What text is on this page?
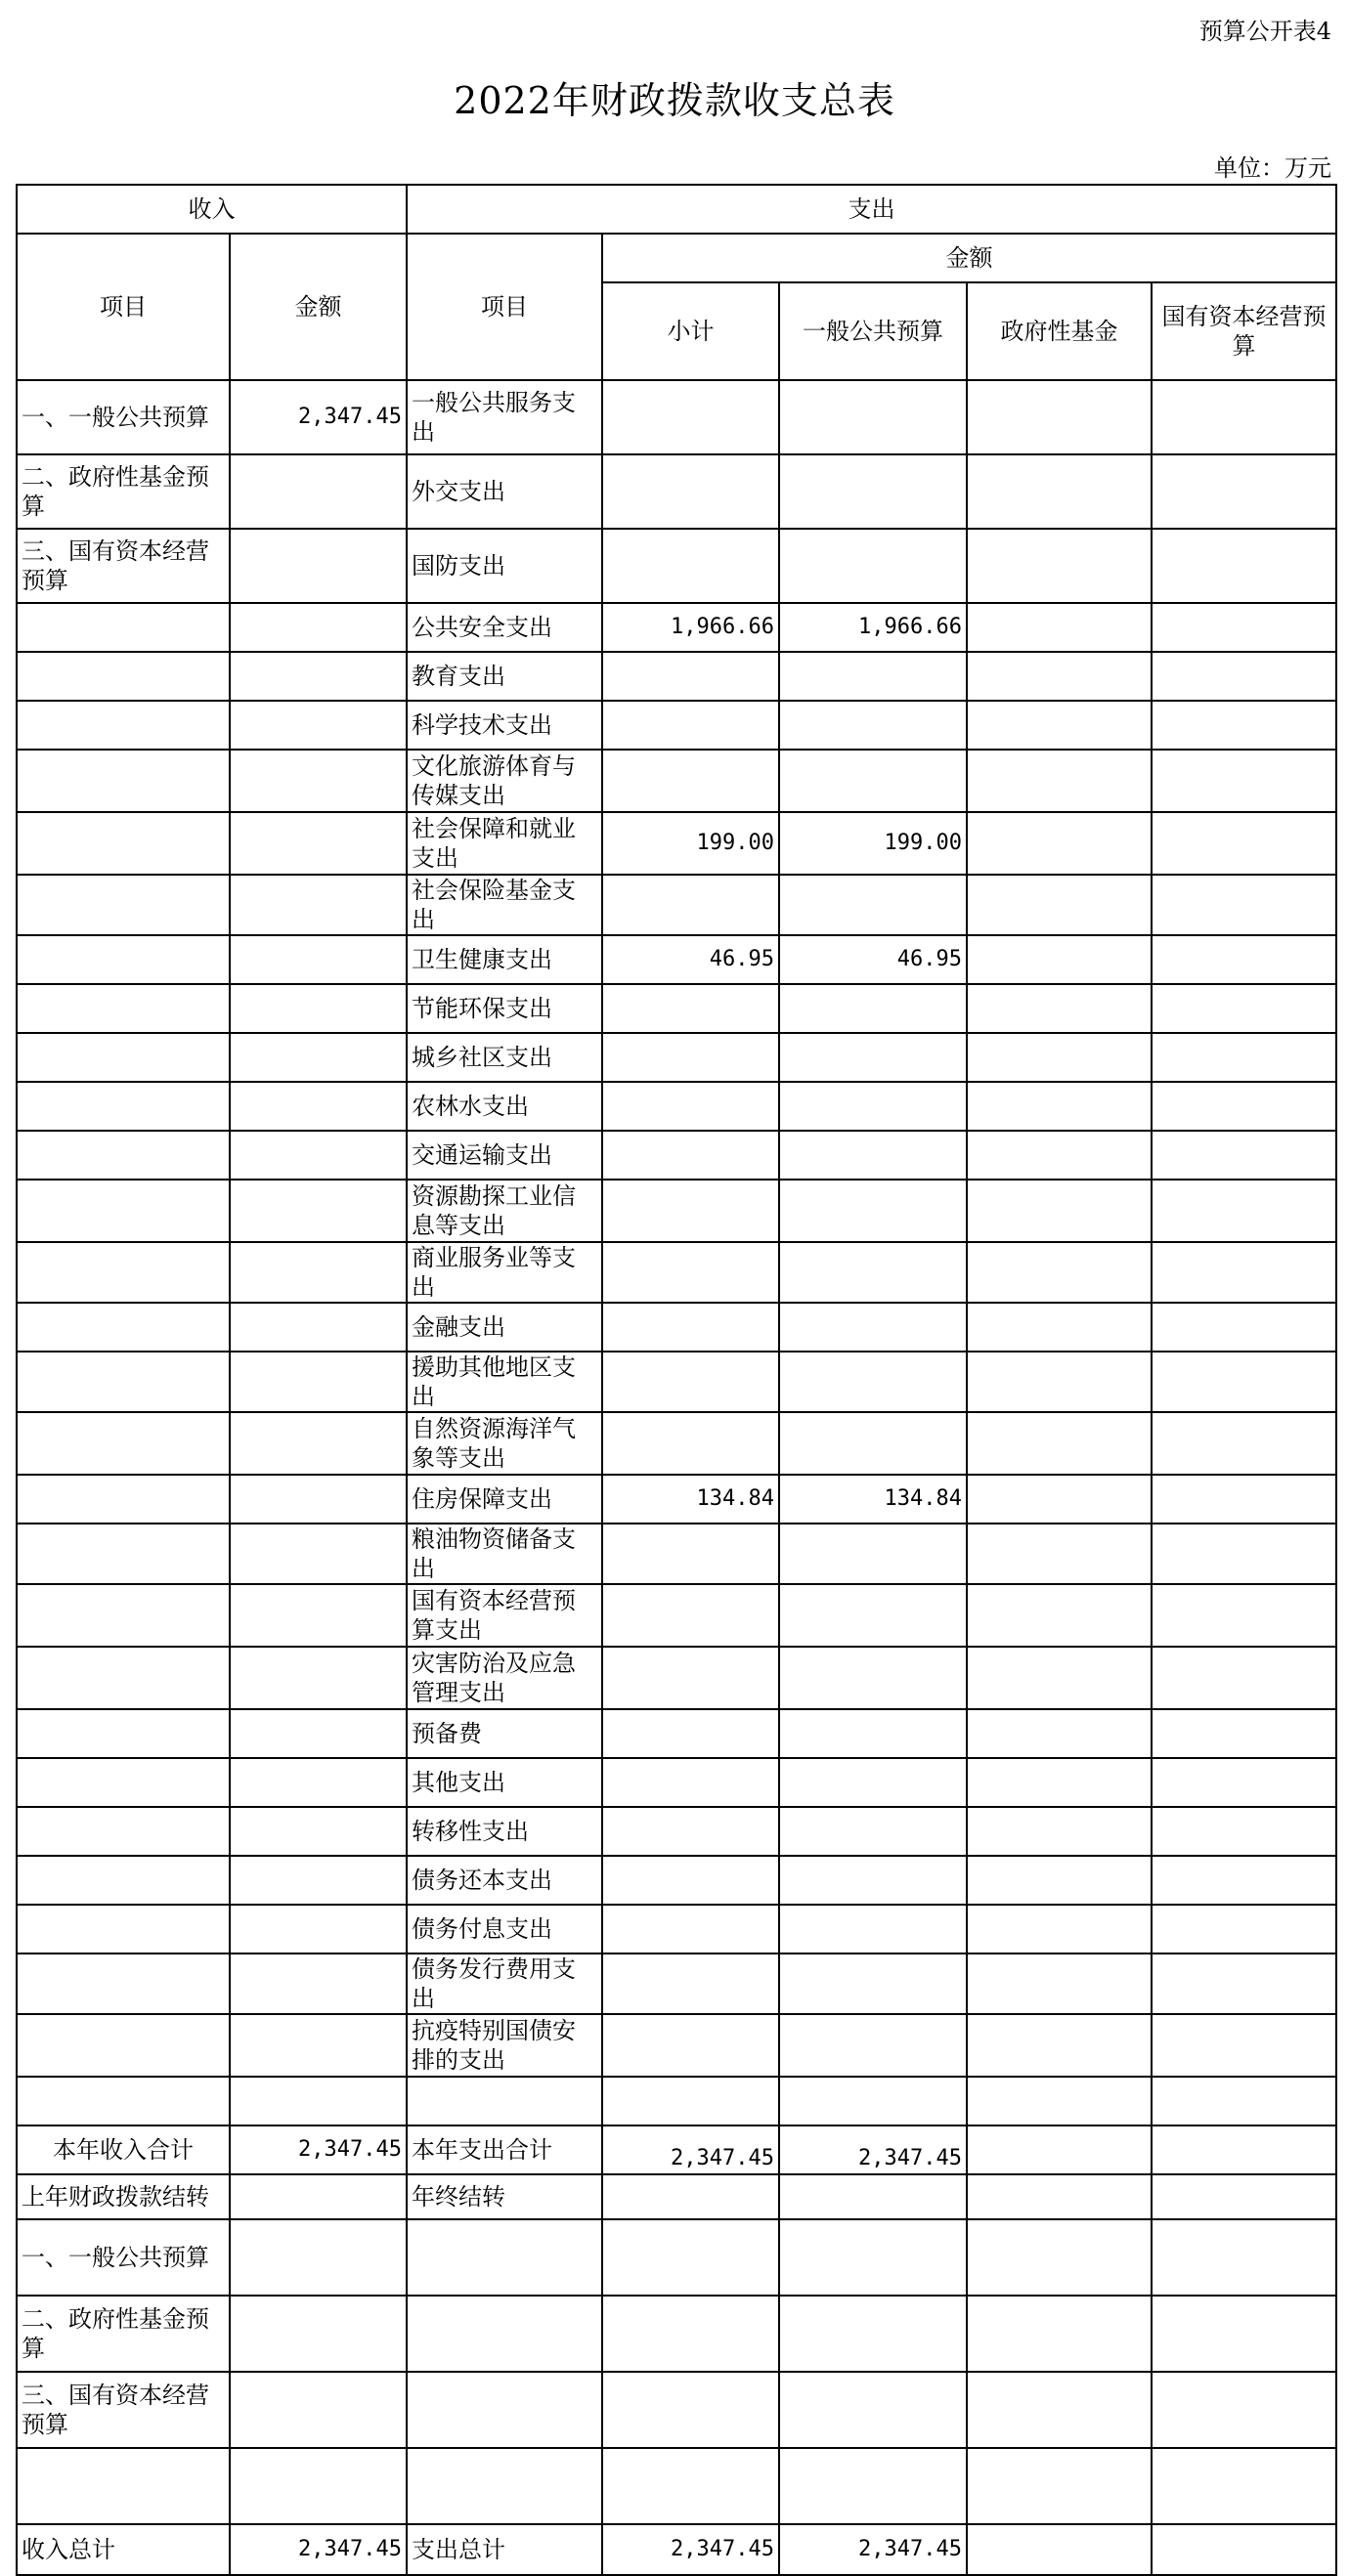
预算公开表4
2022年财政拨款收支总表
单位：万元
收入		支出				
项目	金额	项目	金额			
			小计	一般公共预算	政府性基金	国有资本经营预算
一、一般公共预算	2,347.45	一般公共服务支出				
二、政府性基金预算		外交支出				
三、国有资本经营预算		国防支出				
		公共安全支出	1,966.66	1,966.66		
		教育支出				
		科学技术支出				
		文化旅游体育与传媒支出				
		社会保障和就业支出	199.00	199.00		
		社会保险基金支出				
		卫生健康支出	46.95	46.95		
		节能环保支出				
		城乡社区支出				
		农林水支出				
		交通运输支出				
		资源勘探工业信息等支出				
		商业服务业等支出				
		金融支出				
		援助其他地区支出				
		自然资源海洋气象等支出				
		住房保障支出	134.84	134.84		
		粮油物资储备支出				
		国有资本经营预算支出				
		灾害防治及应急管理支出				
		预备费				
		其他支出				
		转移性支出				
		债务还本支出				
		债务付息支出				
		债务发行费用支出				
		抗疫特别国债安排的支出				

本年收入合计	2,347.45	本年支出合计	2,347.45	2,347.45		
上年财政拨款结转		年终结转				
一、一般公共预算						
二、政府性基金预算						
三、国有资本经营预算						

收入总计	2,347.45	支出总计	2,347.45	2,347.45		
